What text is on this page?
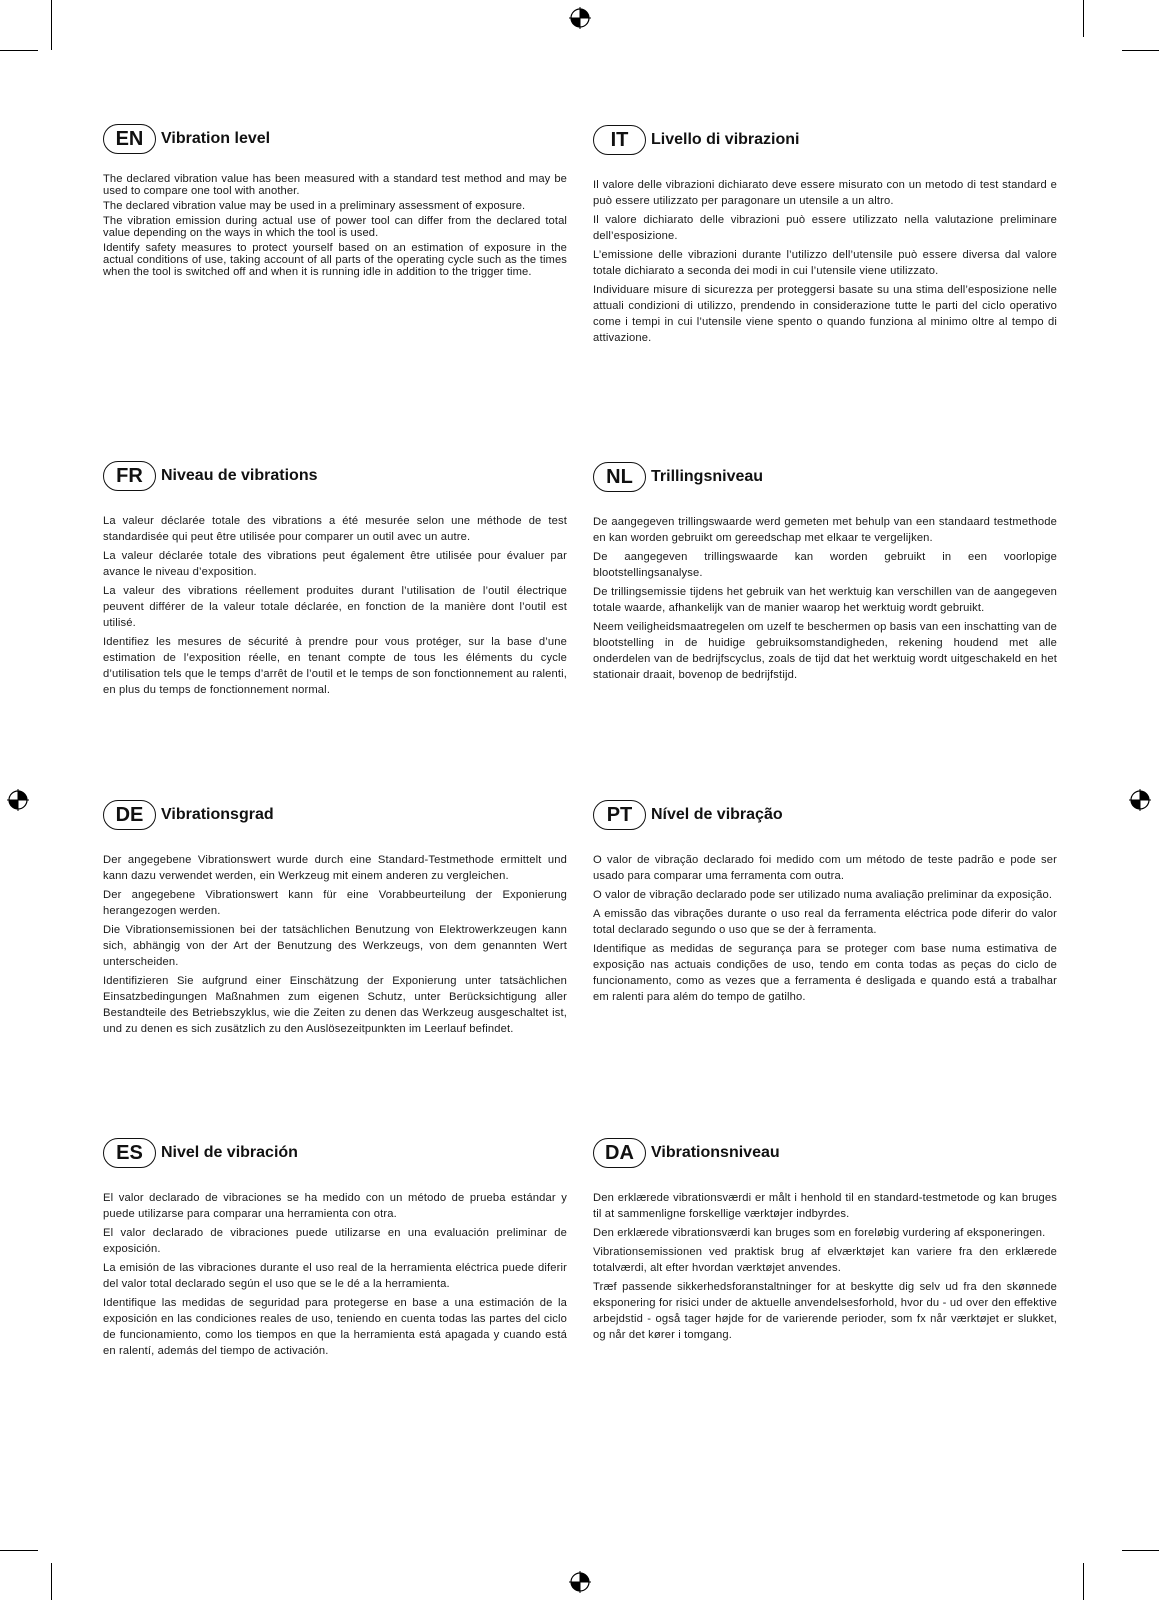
EN	Vibration level

The declared vibration value has been measured with a standard test method and may be used to compare one tool with another.

The declared vibration value may be used in a preliminary assessment of exposure.

The vibration emission during actual use of power tool can differ from the declared total value depending on the ways in which the tool is used.

Identify safety measures to protect yourself based on an estimation of exposure in the actual conditions of use, taking account of all parts of the operating cycle such as the times when the tool is switched off and when it is running idle in addition to the trigger time.

IT	Livello di vibrazioni

Il valore delle vibrazioni dichiarato deve essere misurato con un metodo di test standard e può essere utilizzato per paragonare un utensile a un altro.

Il valore dichiarato delle vibrazioni può essere utilizzato nella valutazione preliminare dell’esposizione.

L’emissione delle vibrazioni durante l’utilizzo dell’utensile può essere diversa dal valore totale dichiarato a seconda dei modi in cui l’utensile viene utilizzato.

Individuare misure di sicurezza per proteggersi basate su una stima dell’esposizione nelle attuali condizioni di utilizzo, prendendo in considerazione tutte le parti del ciclo operativo come i tempi in cui l’utensile viene spento o quando funziona al minimo oltre al tempo di attivazione.

FR	Niveau de vibrations

La valeur déclarée totale des vibrations a été mesurée selon une méthode de test standardisée qui peut être utilisée pour comparer un outil avec un autre.

La valeur déclarée totale des vibrations peut également être utilisée pour évaluer par avance le niveau d’exposition.

La valeur des vibrations réellement produites durant l’utilisation de l’outil électrique peuvent différer de la valeur totale déclarée, en fonction de la manière dont l’outil est utilisé.

Identifiez les mesures de sécurité à prendre pour vous protéger, sur la base d’une estimation de l’exposition réelle, en tenant compte de tous les éléments du cycle d’utilisation tels que le temps d’arrêt de l’outil et le temps de son fonctionnement au ralenti, en plus du temps de fonctionnement normal.

NL	Trillingsniveau

De aangegeven trillingswaarde werd gemeten met behulp van een standaard testmethode en kan worden gebruikt om gereedschap met elkaar te vergelijken.

De aangegeven trillingswaarde kan worden gebruikt in een voorlopige blootstellingsanalyse.

De trillingsemissie tijdens het gebruik van het werktuig kan verschillen van de aangegeven totale waarde, afhankelijk van de manier waarop het werktuig wordt gebruikt.

Neem veiligheidsmaatregelen om uzelf te beschermen op basis van een inschatting van de blootstelling in de huidige gebruiksomstandigheden, rekening houdend met alle onderdelen van de bedrijfscyclus, zoals de tijd dat het werktuig wordt uitgeschakeld en het stationair draait, bovenop de bedrijfstijd.

DE	Vibrationsgrad

Der angegebene Vibrationswert wurde durch eine Standard-Testmethode ermittelt und kann dazu verwendet werden, ein Werkzeug mit einem anderen zu vergleichen.

Der angegebene Vibrationswert kann für eine Vorabbeurteilung der Exponierung herangezogen werden.

Die Vibrationsemissionen bei der tatsächlichen Benutzung von Elektrowerkzeugen kann sich, abhängig von der Art der Benutzung des Werkzeugs, von dem genannten Wert unterscheiden.

Identifizieren Sie aufgrund einer Einschätzung der Exponierung unter tatsächlichen Einsatzbedingungen Maßnahmen zum eigenen Schutz, unter Berücksichtigung aller Bestandteile des Betriebszyklus, wie die Zeiten zu denen das Werkzeug ausgeschaltet ist, und zu denen es sich zusätzlich zu den Auslösezeitpunkten im Leerlauf befindet.

PT	Nível de vibração

O valor de vibração declarado foi medido com um método de teste padrão e pode ser usado para comparar uma ferramenta com outra.

O valor de vibração declarado pode ser utilizado numa avaliação preliminar da exposição.

A emissão das vibrações durante o uso real da ferramenta eléctrica pode diferir do valor total declarado segundo o uso que se der à ferramenta.

Identifique as medidas de segurança para se proteger com base numa estimativa de exposição nas actuais condições de uso, tendo em conta todas as peças do ciclo de funcionamento, como as vezes que a ferramenta é desligada e quando está a trabalhar em ralenti para além do tempo de gatilho.

ES	Nivel de vibración

El valor declarado de vibraciones se ha medido con un método de prueba estándar y puede utilizarse para comparar una herramienta con otra.

El valor declarado de vibraciones puede utilizarse en una evaluación preliminar de exposición.

La emisión de las vibraciones durante el uso real de la herramienta eléctrica puede diferir del valor total declarado según el uso que se le dé a la herramienta.

Identifique las medidas de seguridad para protegerse en base a una estimación de la exposición en las condiciones reales de uso, teniendo en cuenta todas las partes del ciclo de funcionamiento, como los tiempos en que la herramienta está apagada y cuando está en ralentí, además del tiempo de activación.

DA	Vibrationsniveau

Den erklærede vibrationsværdi er målt i henhold til en standard-testmetode og kan bruges til at sammenligne forskellige værktøjer indbyrdes.

Den erklærede vibrationsværdi kan bruges som en foreløbig vurdering af eksponeringen.

Vibrationsemissionen ved praktisk brug af elværktøjet kan variere fra den erklærede totalværdi, alt efter hvordan værktøjet anvendes.

Træf passende sikkerhedsforanstaltninger for at beskytte dig selv ud fra den skønnede eksponering for risici under de aktuelle anvendelsesforhold, hvor du - ud over den effektive arbejdstid - også tager højde for de varierende perioder, som fx når værktøjet er slukket, og når det kører i tomgang.
